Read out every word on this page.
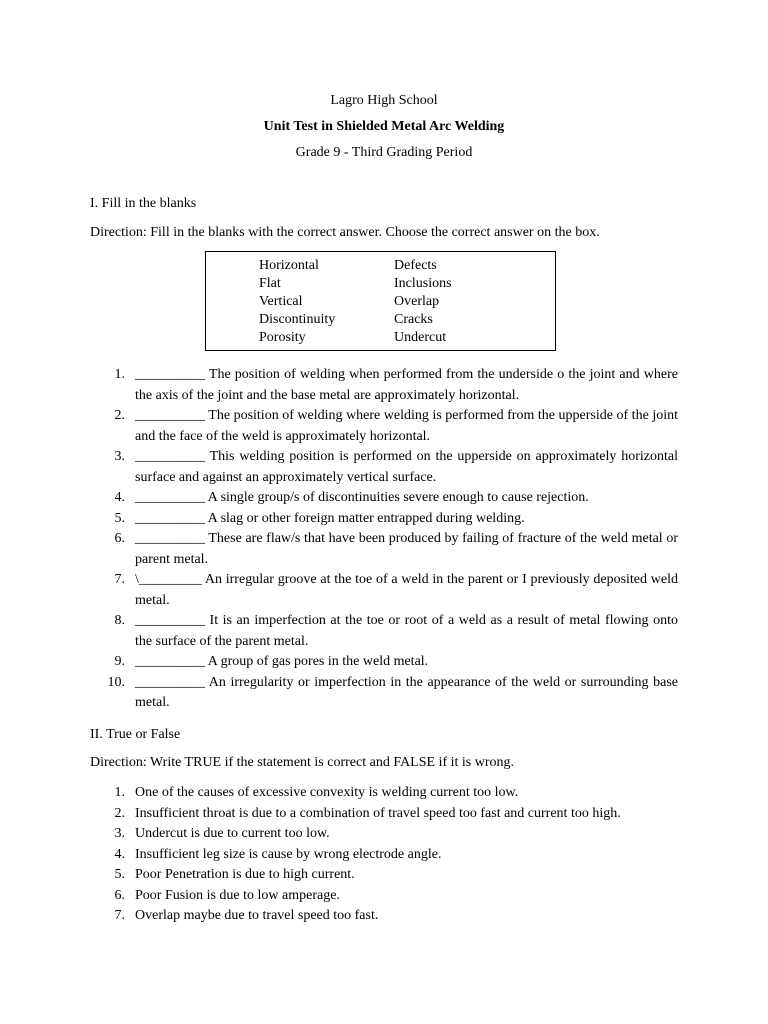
Lagro High School
Unit Test in Shielded Metal Arc Welding
Grade 9 - Third Grading Period
I. Fill in the blanks
Direction: Fill in the blanks with the correct answer. Choose the correct answer on the box.
Horizontal
Flat
Vertical
Discontinuity
Porosity
Defects
Inclusions
Overlap
Cracks
Undercut
1. __________ The position of welding when performed from the underside o the joint and where the axis of the joint and the base metal are approximately horizontal.
2. __________ The position of welding where welding is performed from the upperside of the joint and the face of the weld is approximately horizontal.
3. __________ This welding position is performed on the upperside on approximately horizontal surface and against an approximately vertical surface.
4. __________ A single group/s of discontinuities severe enough to cause rejection.
5. __________ A slag or other foreign matter entrapped during welding.
6. __________ These are flaw/s that have been produced by failing of fracture of the weld metal or parent metal.
7. \_________ An irregular groove at the toe of a weld in the parent or I previously deposited weld metal.
8. __________ It is an imperfection at the toe or root of a weld as a result of metal flowing onto the surface of the parent metal.
9. __________ A group of gas pores in the weld metal.
10. __________ An irregularity or imperfection in the appearance of the weld or surrounding base metal.
II. True or False
Direction: Write TRUE if the statement is correct and FALSE if it is wrong.
1. One of the causes of excessive convexity is welding current too low.
2. Insufficient throat is due to a combination of travel speed too fast and current too high.
3. Undercut is due to current too low.
4. Insufficient leg size is cause by wrong electrode angle.
5. Poor Penetration is due to high current.
6. Poor Fusion is due to low amperage.
7. Overlap maybe due to travel speed too fast.
